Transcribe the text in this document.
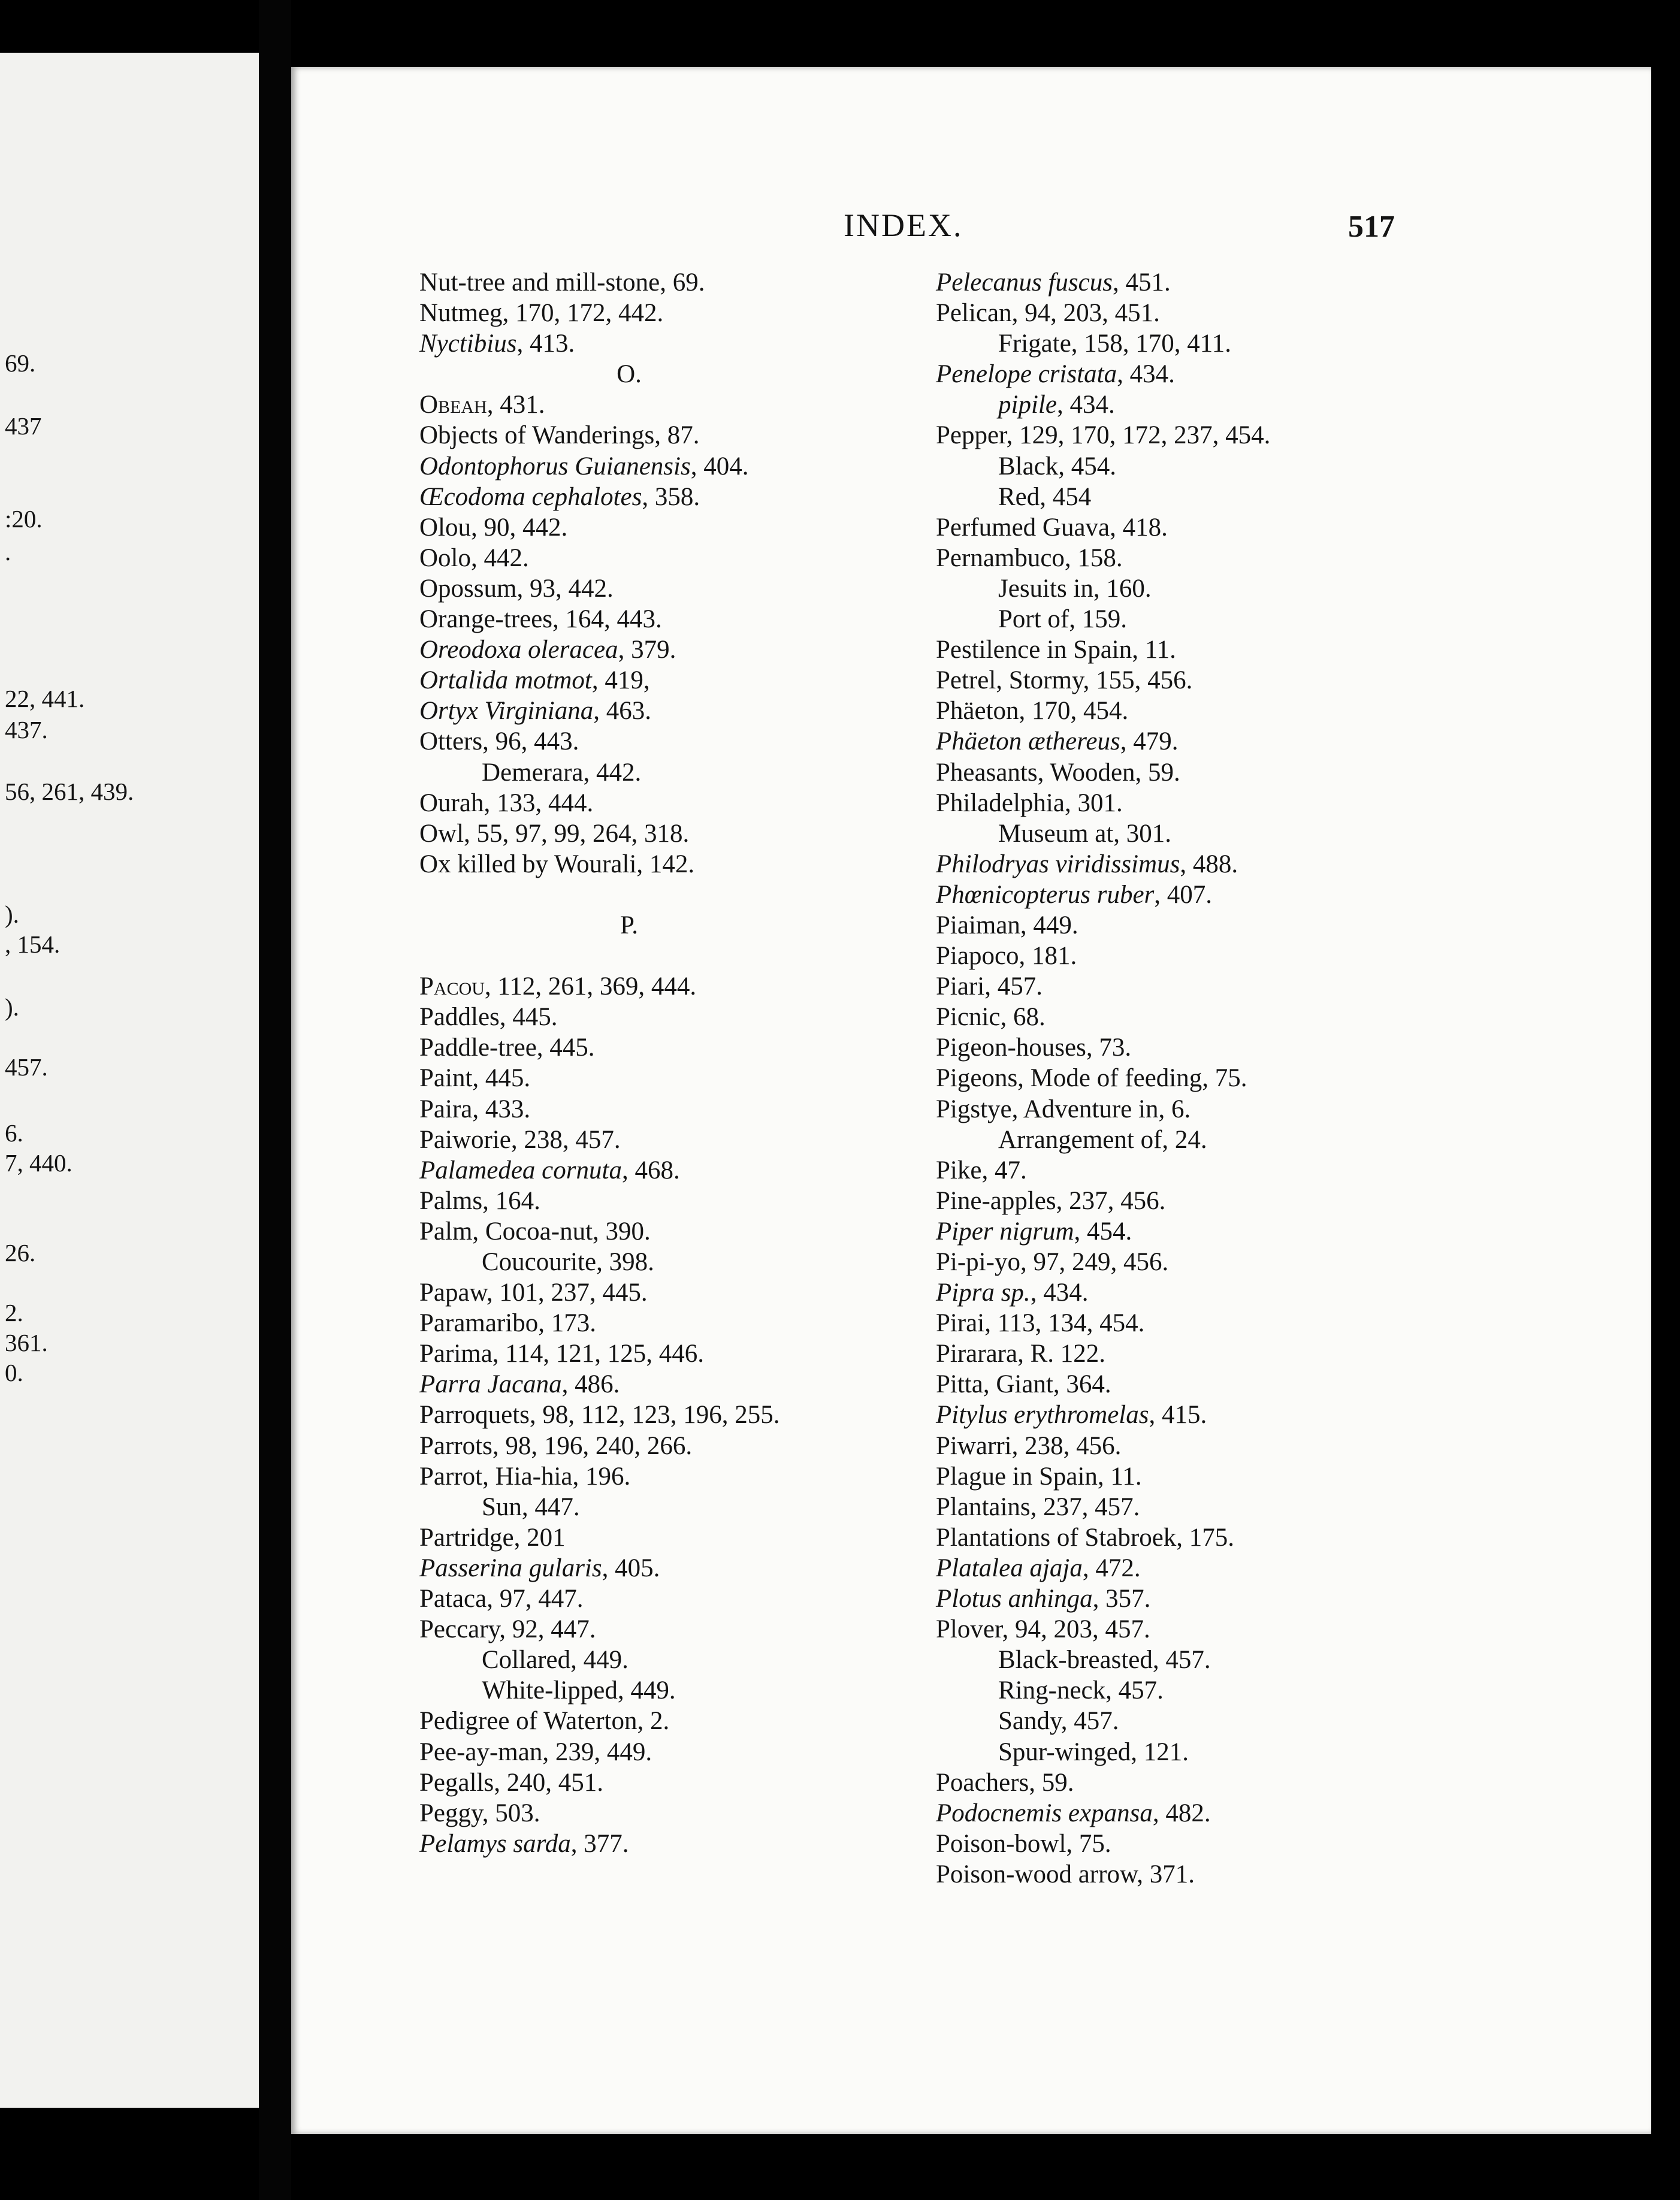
69.
437
:20.
.
22, 441.
437.
56, 261, 439.
).
, 154.
).
457.
6.
7, 440.
26.
2.
361.
0.
INDEX.	517
Nut-tree and mill-stone, 69.
Nutmeg, 170, 172, 442.
Nyctibius, 413.
O.
Obeah, 431.
Objects of Wanderings, 87.
Odontophorus Guianensis, 404.
Œcodoma cephalotes, 358.
Olou, 90, 442.
Oolo, 442.
Opossum, 93, 442.
Orange-trees, 164, 443.
Oreodoxa oleracea, 379.
Ortalida motmot, 419,
Ortyx Virginiana, 463.
Otters, 96, 443.
Demerara, 442.
Ourah, 133, 444.
Owl, 55, 97, 99, 264, 318.
Ox killed by Wourali, 142.
P.
Pacou, 112, 261, 369, 444.
Paddles, 445.
Paddle-tree, 445.
Paint, 445.
Paira, 433.
Paiworie, 238, 457.
Palamedea cornuta, 468.
Palms, 164.
Palm, Cocoa-nut, 390.
Coucourite, 398.
Papaw, 101, 237, 445.
Paramaribo, 173.
Parima, 114, 121, 125, 446.
Parra Jacana, 486.
Parroquets, 98, 112, 123, 196, 255.
Parrots, 98, 196, 240, 266.
Parrot, Hia-hia, 196.
Sun, 447.
Partridge, 201
Passerina gularis, 405.
Pataca, 97, 447.
Peccary, 92, 447.
Collared, 449.
White-lipped, 449.
Pedigree of Waterton, 2.
Pee-ay-man, 239, 449.
Pegalls, 240, 451.
Peggy, 503.
Pelamys sarda, 377.
Pelecanus fuscus, 451.
Pelican, 94, 203, 451.
Frigate, 158, 170, 411.
Penelope cristata, 434.
pipile, 434.
Pepper, 129, 170, 172, 237, 454.
Black, 454.
Red, 454
Perfumed Guava, 418.
Pernambuco, 158.
Jesuits in, 160.
Port of, 159.
Pestilence in Spain, 11.
Petrel, Stormy, 155, 456.
Phäeton, 170, 454.
Phäeton æthereus, 479.
Pheasants, Wooden, 59.
Philadelphia, 301.
Museum at, 301.
Philodryas viridissimus, 488.
Phœnicopterus ruber, 407.
Piaiman, 449.
Piapoco, 181.
Piari, 457.
Picnic, 68.
Pigeon-houses, 73.
Pigeons, Mode of feeding, 75.
Pigstye, Adventure in, 6.
Arrangement of, 24.
Pike, 47.
Pine-apples, 237, 456.
Piper nigrum, 454.
Pi-pi-yo, 97, 249, 456.
Pipra sp., 434.
Pirai, 113, 134, 454.
Pirarara, R. 122.
Pitta, Giant, 364.
Pitylus erythromelas, 415.
Piwarri, 238, 456.
Plague in Spain, 11.
Plantains, 237, 457.
Plantations of Stabroek, 175.
Platalea ajaja, 472.
Plotus anhinga, 357.
Plover, 94, 203, 457.
Black-breasted, 457.
Ring-neck, 457.
Sandy, 457.
Spur-winged, 121.
Poachers, 59.
Podocnemis expansa, 482.
Poison-bowl, 75.
Poison-wood arrow, 371.
